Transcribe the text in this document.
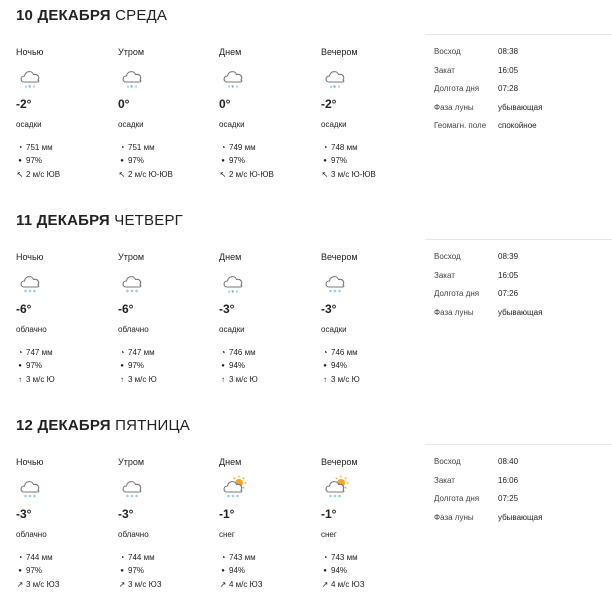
10 ДЕКАБРЯ СРЕДА
Ночью
*
-2°
осадки
◔ 751 мм
● 97%
↖ 2 м/с ЮВ
Утром
*
0°
осадки
◔ 751 мм
● 97%
↖ 2 м/с Ю-ЮВ
Днем
*
0°
осадки
◔ 749 мм
● 97%
↖ 2 м/с Ю-ЮВ
Вечером
*
-2°
осадки
◔ 748 мм
● 97%
↖ 3 м/с Ю-ЮВ
Восход	08:38
Закат	16:05
Долгота дня 07:28
Фаза луны	убывающая
Геомагн. поле спокойное
11 ДЕКАБРЯ ЧЕТВЕРГ
Ночью
* * *
-6°
облачно
◔ 747 мм
● 97%
↑ 3 м/с Ю
Утром
* * *
-6°
облачно
◔ 747 мм
● 97%
↑ 3 м/с Ю
Днем
*
-3°
осадки
◔ 746 мм
● 94%
↑ 3 м/с Ю
Вечером
* * *
-3°
осадки
◔ 746 мм
● 94%
↑ 3 м/с Ю
Восход	08:39
Закат	16:05
Долгота дня 07:26
Фаза луны	убывающая
12 ДЕКАБРЯ ПЯТНИЦА
Ночью
* * *
-3°
облачно
◔ 744 мм
● 97%
↗ 3 м/с ЮЗ
Утром
* * *
-3°
облачно
◔ 744 мм
● 97%
↗ 3 м/с ЮЗ
Днем
* * *
-1°
снег
◔ 743 мм
● 94%
↗ 4 м/с ЮЗ
Вечером
* * *
-1°
снег
◔ 743 мм
● 94%
↗ 4 м/с ЮЗ
Восход	08:40
Закат	16:06
Долгота дня 07:25
Фаза луны	убывающая
